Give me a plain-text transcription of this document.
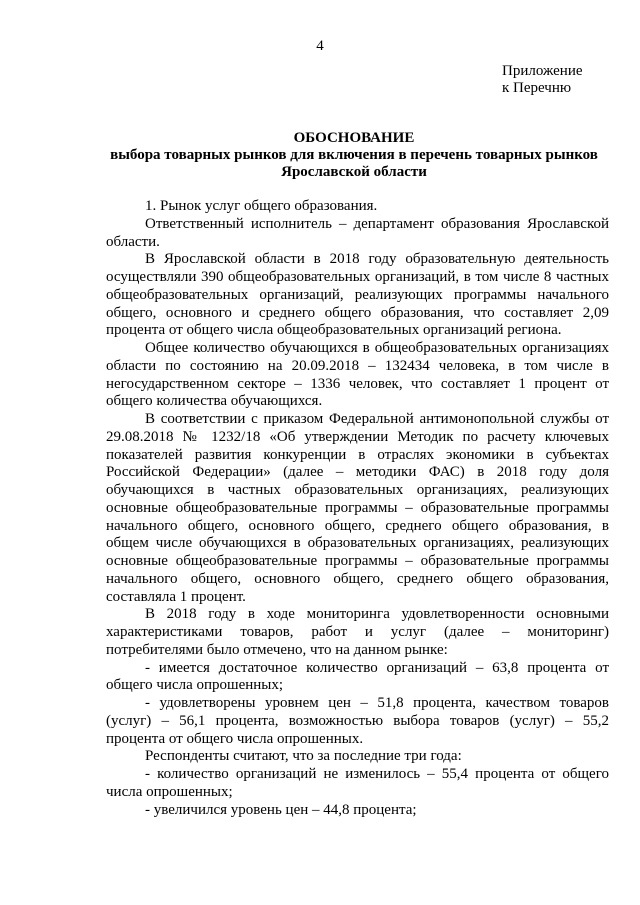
4
Приложение
к Перечню
ОБОСНОВАНИЕ
выбора товарных рынков для включения в перечень товарных рынков
Ярославской области

1. Рынок услуг общего образования.

Ответственный исполнитель – департамент образования Ярославской области.

В Ярославской области в 2018 году образовательную деятельность осуществляли 390 общеобразовательных организаций, в том числе 8 частных общеобразовательных организаций, реализующих программы начального общего, основного и среднего общего образования, что составляет 2,09 процента от общего числа общеобразовательных организаций региона.

Общее количество обучающихся в общеобразовательных организациях области по состоянию на 20.09.2018 – 132434 человека, в том числе в негосударственном секторе – 1336 человек, что составляет 1 процент от общего количества обучающихся.

В соответствии с приказом Федеральной антимонопольной службы от 29.08.2018 № 1232/18 «Об утверждении Методик по расчету ключевых показателей развития конкуренции в отраслях экономики в субъектах Российской Федерации» (далее – методики ФАС) в 2018 году доля обучающихся в частных образовательных организациях, реализующих основные общеобразовательные программы – образовательные программы начального общего, основного общего, среднего общего образования, в общем числе обучающихся в образовательных организациях, реализующих основные общеобразовательные программы – образовательные программы начального общего, основного общего, среднего общего образования, составляла 1 процент.

В 2018 году в ходе мониторинга удовлетворенности основными характеристиками товаров, работ и услуг (далее – мониторинг) потребителями было отмечено, что на данном рынке:

- имеется достаточное количество организаций – 63,8 процента от общего числа опрошенных;

- удовлетворены уровнем цен – 51,8 процента, качеством товаров (услуг) – 56,1 процента, возможностью выбора товаров (услуг) – 55,2 процента от общего числа опрошенных.

Респонденты считают, что за последние три года:

- количество организаций не изменилось – 55,4 процента от общего числа опрошенных;

- увеличился уровень цен – 44,8 процента;
